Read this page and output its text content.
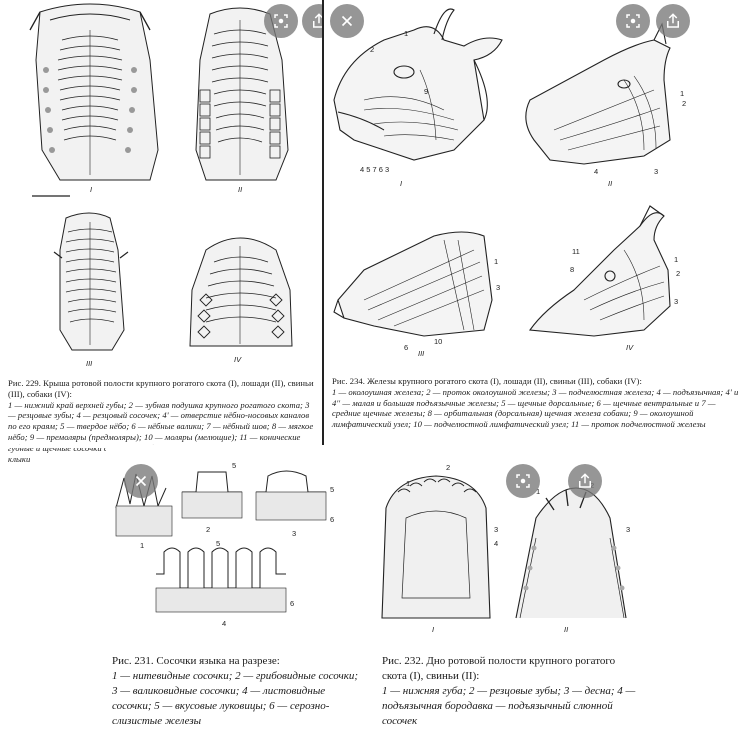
I	II
III	IV
Рис. 229. Крыша ротовой полости крупного рогатого скота (I), лошади (II), свиньи (III), собаки (IV):
1 — нижний край верхней губы; 2 — зубная подушка крупного рогатого скота; 3 — резцовые зубы; 4 — резцовый сосочек; 4' — отверстие нёбно-носовых каналов по его краям; 5 — твердое нёбо; 6 — нёбные валики; 7 — нёбный шов; 8 — мягкое нёбо; 9 — премоляры (предмоляры); 10 — моляры (мелющие); 11 — конические клыки
4 5 7 6 3
2
1
9
I
1
2
4	3
II
1
3
6
10
III
1
2
3
11
8
IV
Рис. 234. Железы крупного рогатого скота (I), лошади (II), свиньи (III), собаки (IV):
1 — околоушная железа; 2 — проток околоушной железы; 3 — подчелюстная железа; 4 — подъязычная; 4' и 4'' — малая и большая подъязычные железы; 5 — щечные дорсальные; 6 — щечные вентральные и 7 — средние щечные железы; 8 — орбитальная (дорсальная) щечная железа собаки; 9 — околоушной лимфатический узел; 10 — подчелюстной лимфатический узел; 11 — проток подчелюстной железы
1
5
2
5
6
3
5
6
4
1
2
3
4
I
1
3
II
Рис. 231. Сосочки языка на разрезе:
1 — нитевидные сосочки; 2 — грибовидные сосочки; 3 — валиковидные сосочки; 4 — листовидные сосочки; 5 — вкусовые луковицы; 6 — серозно-слизистые железы
Рис. 232. Дно ротовой полости крупного рогатого скота (I), свиньи (II):
1 — нижняя губа; 2 — резцовые зубы; 3 — десна; 4 — подъязычная бородавка — подъязычный слюнной сосочек
